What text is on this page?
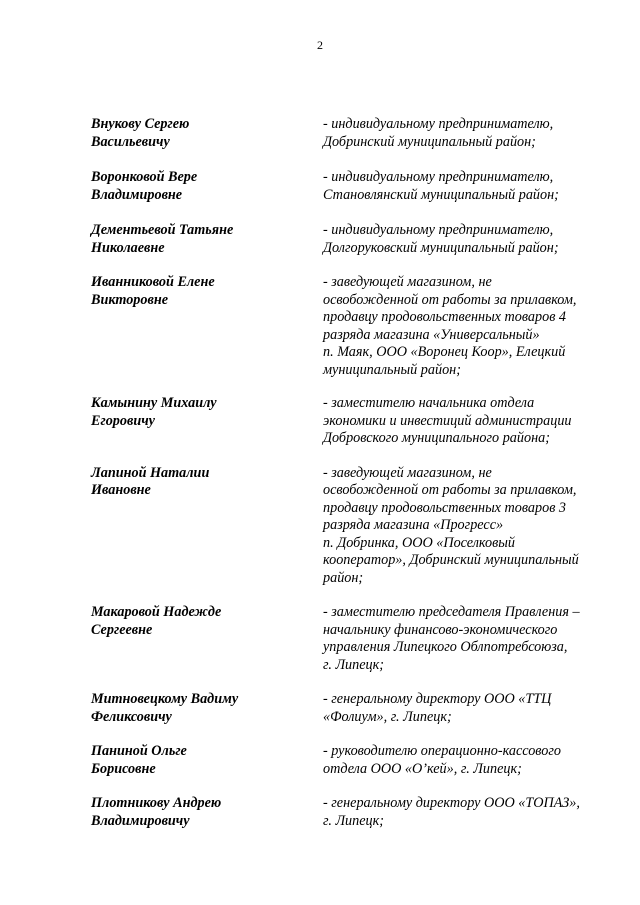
2
Внукову Сергею
Васильевичу
- индивидуальному предпринимателю,
Добринский муниципальный район;
Воронковой Вере
Владимировне
- индивидуальному предпринимателю,
Становлянский муниципальный район;
Дементьевой Татьяне
Николаевне
- индивидуальному предпринимателю,
Долгоруковский муниципальный район;
Иванниковой Елене
Викторовне
- заведующей магазином, не
освобожденной от работы за прилавком,
продавцу продовольственных товаров 4
разряда магазина «Универсальный»
п. Маяк, ООО «Воронец Коор», Елецкий
муниципальный район;
Камынину Михаилу
Егоровичу
- заместителю начальника отдела
экономики и инвестиций администрации
Добровского муниципального района;
Лапиной Наталии
Ивановне
- заведующей магазином, не
освобожденной от работы за прилавком,
продавцу продовольственных товаров 3
разряда магазина «Прогресс»
п. Добринка, ООО «Поселковый
кооператор», Добринский муниципальный
район;
Макаровой Надежде
Сергеевне
- заместителю председателя Правления –
начальнику финансово-экономического
управления Липецкого Облпотребсоюза,
г. Липецк;
Митновецкому Вадиму
Феликсовичу
- генеральному директору ООО «ТТЦ
«Фолиум», г. Липецк;
Паниной Ольге
Борисовне
- руководителю операционно-кассового
отдела ООО «О’кей», г. Липецк;
Плотникову Андрею
Владимировичу
- генеральному директору ООО «ТОПАЗ»,
г. Липецк;
